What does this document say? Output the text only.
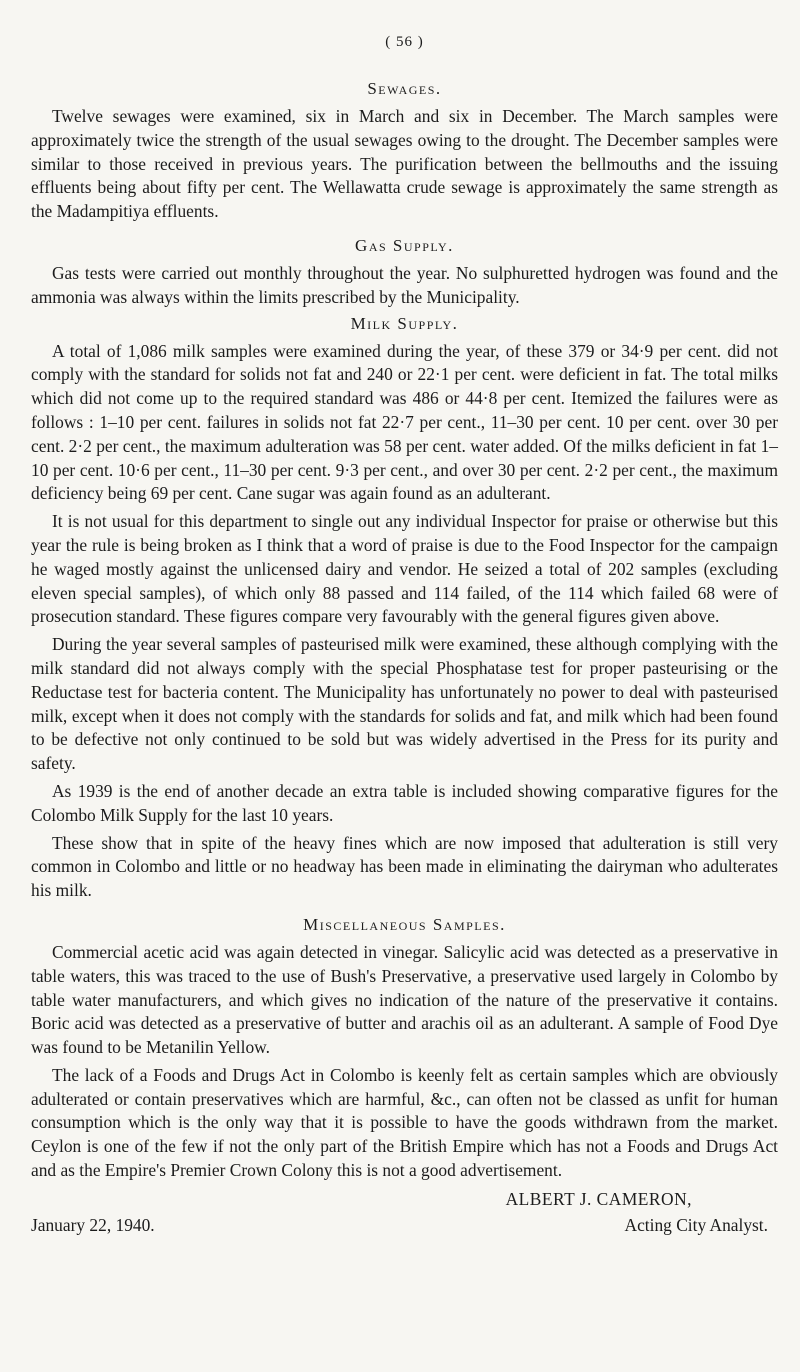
( 56 )
Sewages.

Twelve sewages were examined, six in March and six in December. The March samples were approximately twice the strength of the usual sewages owing to the drought. The December samples were similar to those received in previous years. The purification between the bellmouths and the issuing effluents being about fifty per cent. The Wellawatta crude sewage is approximately the same strength as the Madampitiya effluents.

Gas Supply.

Gas tests were carried out monthly throughout the year. No sulphuretted hydrogen was found and the ammonia was always within the limits prescribed by the Municipality.

Milk Supply.

A total of 1,086 milk samples were examined during the year, of these 379 or 34·9 per cent. did not comply with the standard for solids not fat and 240 or 22·1 per cent. were deficient in fat. The total milks which did not come up to the required standard was 486 or 44·8 per cent. Itemized the failures were as follows : 1–10 per cent. failures in solids not fat 22·7 per cent., 11–30 per cent. 10 per cent. over 30 per cent. 2·2 per cent., the maximum adulteration was 58 per cent. water added. Of the milks deficient in fat 1–10 per cent. 10·6 per cent., 11–30 per cent. 9·3 per cent., and over 30 per cent. 2·2 per cent., the maximum deficiency being 69 per cent. Cane sugar was again found as an adulterant.

It is not usual for this department to single out any individual Inspector for praise or otherwise but this year the rule is being broken as I think that a word of praise is due to the Food Inspector for the campaign he waged mostly against the unlicensed dairy and vendor. He seized a total of 202 samples (excluding eleven special samples), of which only 88 passed and 114 failed, of the 114 which failed 68 were of prosecution standard. These figures compare very favourably with the general figures given above.

During the year several samples of pasteurised milk were examined, these although complying with the milk standard did not always comply with the special Phosphatase test for proper pasteurising or the Reductase test for bacteria content. The Municipality has unfortunately no power to deal with pasteurised milk, except when it does not comply with the standards for solids and fat, and milk which had been found to be defective not only continued to be sold but was widely advertised in the Press for its purity and safety.

As 1939 is the end of another decade an extra table is included showing comparative figures for the Colombo Milk Supply for the last 10 years.

These show that in spite of the heavy fines which are now imposed that adulteration is still very common in Colombo and little or no headway has been made in eliminating the dairyman who adulterates his milk.

Miscellaneous Samples.

Commercial acetic acid was again detected in vinegar. Salicylic acid was detected as a preservative in table waters, this was traced to the use of Bush's Preservative, a preservative used largely in Colombo by table water manufacturers, and which gives no indication of the nature of the preservative it contains. Boric acid was detected as a preservative of butter and arachis oil as an adulterant. A sample of Food Dye was found to be Metanilin Yellow.

The lack of a Foods and Drugs Act in Colombo is keenly felt as certain samples which are obviously adulterated or contain preservatives which are harmful, &c., can often not be classed as unfit for human consumption which is the only way that it is possible to have the goods withdrawn from the market. Ceylon is one of the few if not the only part of the British Empire which has not a Foods and Drugs Act and as the Empire's Premier Crown Colony this is not a good advertisement.

ALBERT J. CAMERON,
January 22, 1940.	Acting City Analyst.
